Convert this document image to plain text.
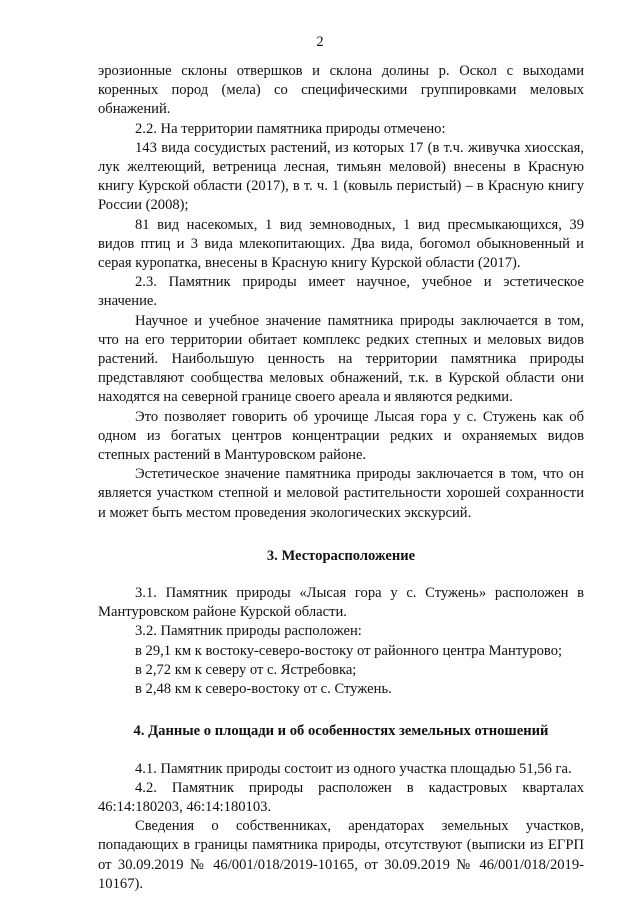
2

эрозионные склоны отвершков и склона долины р. Оскол с выходами коренных пород (мела) со специфическими группировками меловых обнажений.

2.2. На территории памятника природы отмечено:

143 вида сосудистых растений, из которых 17 (в т.ч. живучка хиосская, лук желтеющий, ветреница лесная, тимьян меловой) внесены в Красную книгу Курской области (2017), в т. ч. 1 (ковыль перистый) – в Красную книгу России (2008);

81 вид насекомых, 1 вид земноводных, 1 вид пресмыкающихся, 39 видов птиц и 3 вида млекопитающих. Два вида, богомол обыкновенный и серая куропатка, внесены в Красную книгу Курской области (2017).

2.3. Памятник природы имеет научное, учебное и эстетическое значение.

Научное и учебное значение памятника природы заключается в том, что на его территории обитает комплекс редких степных и меловых видов растений. Наибольшую ценность на территории памятника природы представляют сообщества меловых обнажений, т.к. в Курской области они находятся на северной границе своего ареала и являются редкими.

Это позволяет говорить об урочище Лысая гора у с. Стужень как об одном из богатых центров концентрации редких и охраняемых видов степных растений в Мантуровском районе.

Эстетическое значение памятника природы заключается в том, что он является участком степной и меловой растительности хорошей сохранности и может быть местом проведения экологических экскурсий.

3. Месторасположение

3.1. Памятник природы «Лысая гора у с. Стужень» расположен в Мантуровском районе Курской области.

3.2. Памятник природы расположен:

в 29,1 км к востоку-северо-востоку от районного центра Мантурово;

в 2,72 км к северу от с. Ястребовка;

в 2,48 км к северо-востоку от с. Стужень.

4. Данные о площади и об особенностях земельных отношений

4.1. Памятник природы состоит из одного участка площадью 51,56 га.

4.2. Памятник природы расположен в кадастровых кварталах 46:14:180203, 46:14:180103.

Сведения о собственниках, арендаторах земельных участков, попадающих в границы памятника природы, отсутствуют (выписки из ЕГРП от 30.09.2019 № 46/001/018/2019-10165, от 30.09.2019 № 46/001/018/2019-10167).
